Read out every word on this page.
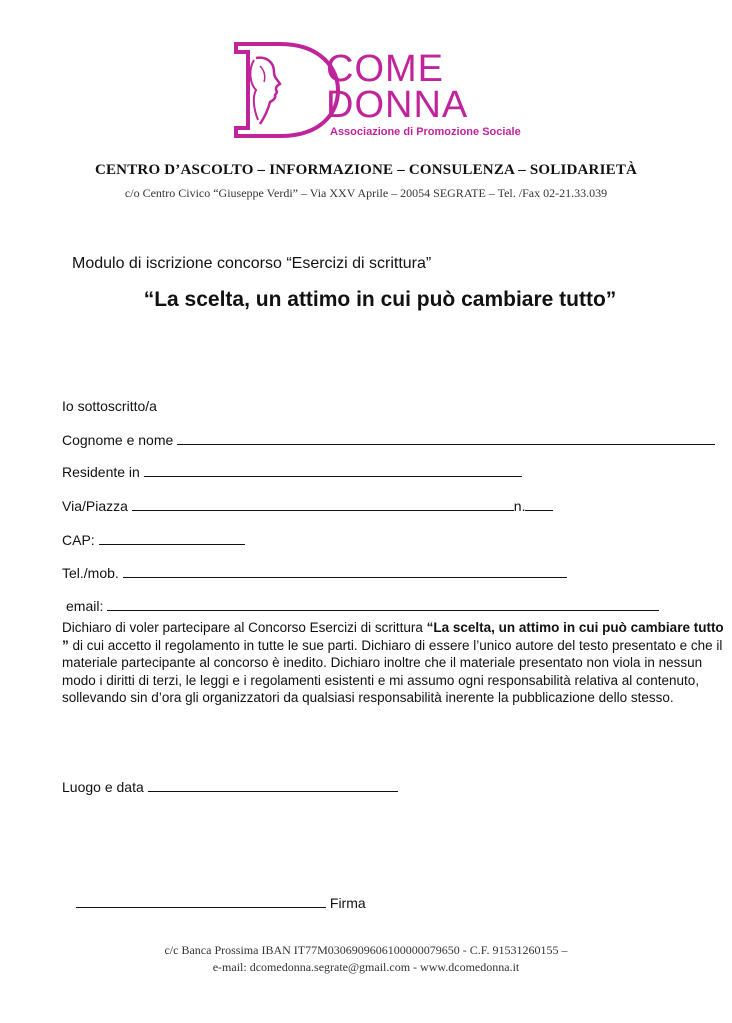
COME
DONNA
Associazione di Promozione Sociale
CENTRO D’ASCOLTO – INFORMAZIONE – CONSULENZA – SOLIDARIETÀ
c/o Centro Civico “Giuseppe Verdi” – Via XXV Aprile – 20054 SEGRATE – Tel. /Fax 02-21.33.039
Modulo di iscrizione concorso “Esercizi di scrittura”
“La scelta, un attimo in cui può cambiare tutto”
Io sottoscritto/a
Cognome e nome
Residente in
Via/Piazza	n.
CAP:
Tel./mob.
email:
Dichiaro di voler partecipare al Concorso Esercizi di scrittura “La scelta, un attimo in cui può cambiare tutto ” di cui accetto il regolamento in tutte le sue parti. Dichiaro di essere l’unico autore del testo presentato e che il materiale partecipante al concorso è inedito. Dichiaro inoltre che il materiale presentato non viola in nessun modo i diritti di terzi, le leggi e i regolamenti esistenti e mi assumo ogni responsabilità relativa al contenuto, sollevando sin d’ora gli organizzatori da qualsiasi responsabilità inerente la pubblicazione dello stesso.
Luogo e data
Firma
c/c Banca Prossima IBAN IT77M0306909606100000079650 - C.F. 91531260155 –
e-mail: dcomedonna.segrate@gmail.com - www.dcomedonna.it
